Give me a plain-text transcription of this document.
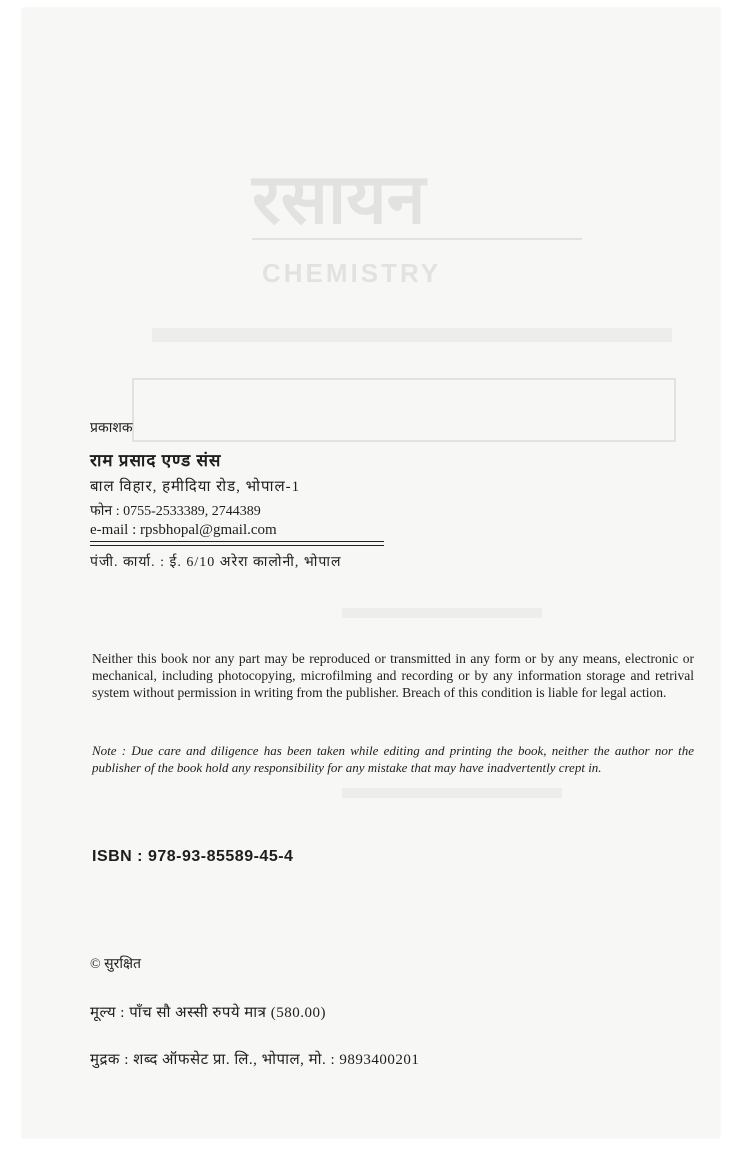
रसायन
CHEMISTRY
प्रकाशक
राम प्रसाद एण्ड संस
बाल विहार, हमीदिया रोड, भोपाल-1
फोन : 0755-2533389, 2744389
e-mail : rpsbhopal@gmail.com
पंजी. कार्या. : ई. 6/10 अरेरा कालोनी, भोपाल
Neither this book nor any part may be reproduced or transmitted in any form or by any means, electronic or mechanical, including photocopying, microfilming and recording or by any information storage and retrival system without permission in writing from the publisher. Breach of this condition is liable for legal action.
Note : Due care and diligence has been taken while editing and printing the book, neither the author nor the publisher of the book hold any responsibility for any mistake that may have inadvertently crept in.
ISBN : 978-93-85589-45-4
© सुरक्षित
मूल्य : पाँच सौ अस्सी रुपये मात्र (580.00)
मुद्रक : शब्द ऑफसेट प्रा. लि., भोपाल, मो. : 9893400201
